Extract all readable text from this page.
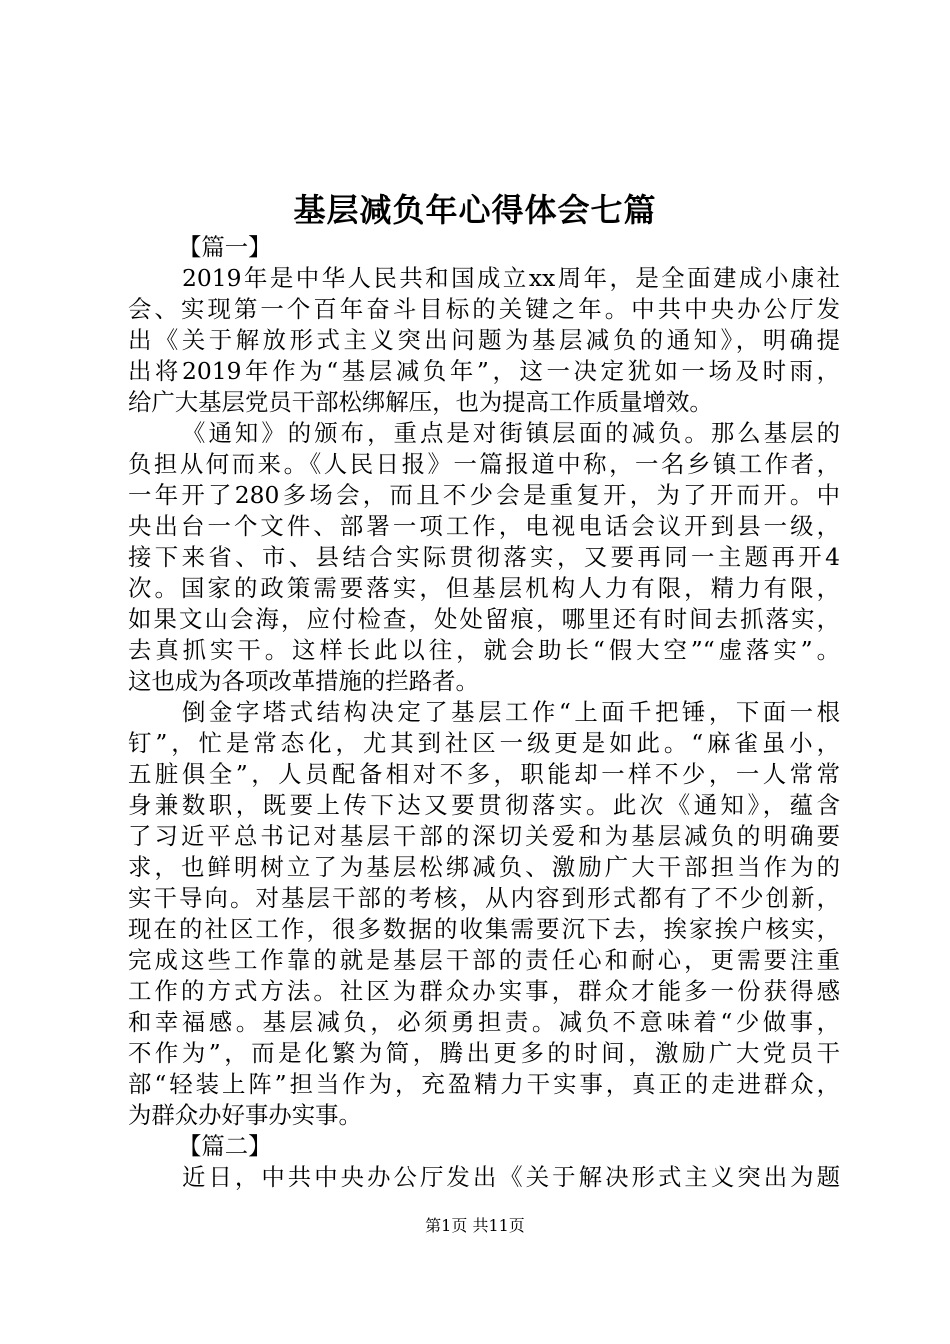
基层减负年心得体会七篇
【篇一】
2019年是中华人民共和国成立xx周年，是全面建成小康社
会、实现第一个百年奋斗目标的关键之年。中共中央办公厅发
出《关于解放形式主义突出问题为基层减负的通知》，明确提
出将2019年作为“基层减负年”，这一决定犹如一场及时雨，
给广大基层党员干部松绑解压，也为提高工作质量增效。
《通知》的颁布，重点是对街镇层面的减负。那么基层的
负担从何而来。《人民日报》一篇报道中称，一名乡镇工作者，
一年开了280多场会，而且不少会是重复开，为了开而开。中
央出台一个文件、部署一项工作，电视电话会议开到县一级，
接下来省、市、县结合实际贯彻落实，又要再同一主题再开4
次。国家的政策需要落实，但基层机构人力有限，精力有限，
如果文山会海，应付检查，处处留痕，哪里还有时间去抓落实，
去真抓实干。这样长此以往，就会助长“假大空”“虚落实”。
这也成为各项改革措施的拦路者。
倒金字塔式结构决定了基层工作“上面千把锤，下面一根
钉”，忙是常态化，尤其到社区一级更是如此。“麻雀虽小，
五脏俱全”，人员配备相对不多，职能却一样不少，一人常常
身兼数职，既要上传下达又要贯彻落实。此次《通知》，蕴含
了习近平总书记对基层干部的深切关爱和为基层减负的明确要
求，也鲜明树立了为基层松绑减负、激励广大干部担当作为的
实干导向。对基层干部的考核，从内容到形式都有了不少创新，
现在的社区工作，很多数据的收集需要沉下去，挨家挨户核实，
完成这些工作靠的就是基层干部的责任心和耐心，更需要注重
工作的方式方法。社区为群众办实事，群众才能多一份获得感
和幸福感。基层减负，必须勇担责。减负不意味着“少做事，
不作为”，而是化繁为简，腾出更多的时间，激励广大党员干
部“轻装上阵”担当作为，充盈精力干实事，真正的走进群众，
为群众办好事办实事。
【篇二】
近日，中共中央办公厅发出《关于解决形式主义突出为题
第1页 共11页
